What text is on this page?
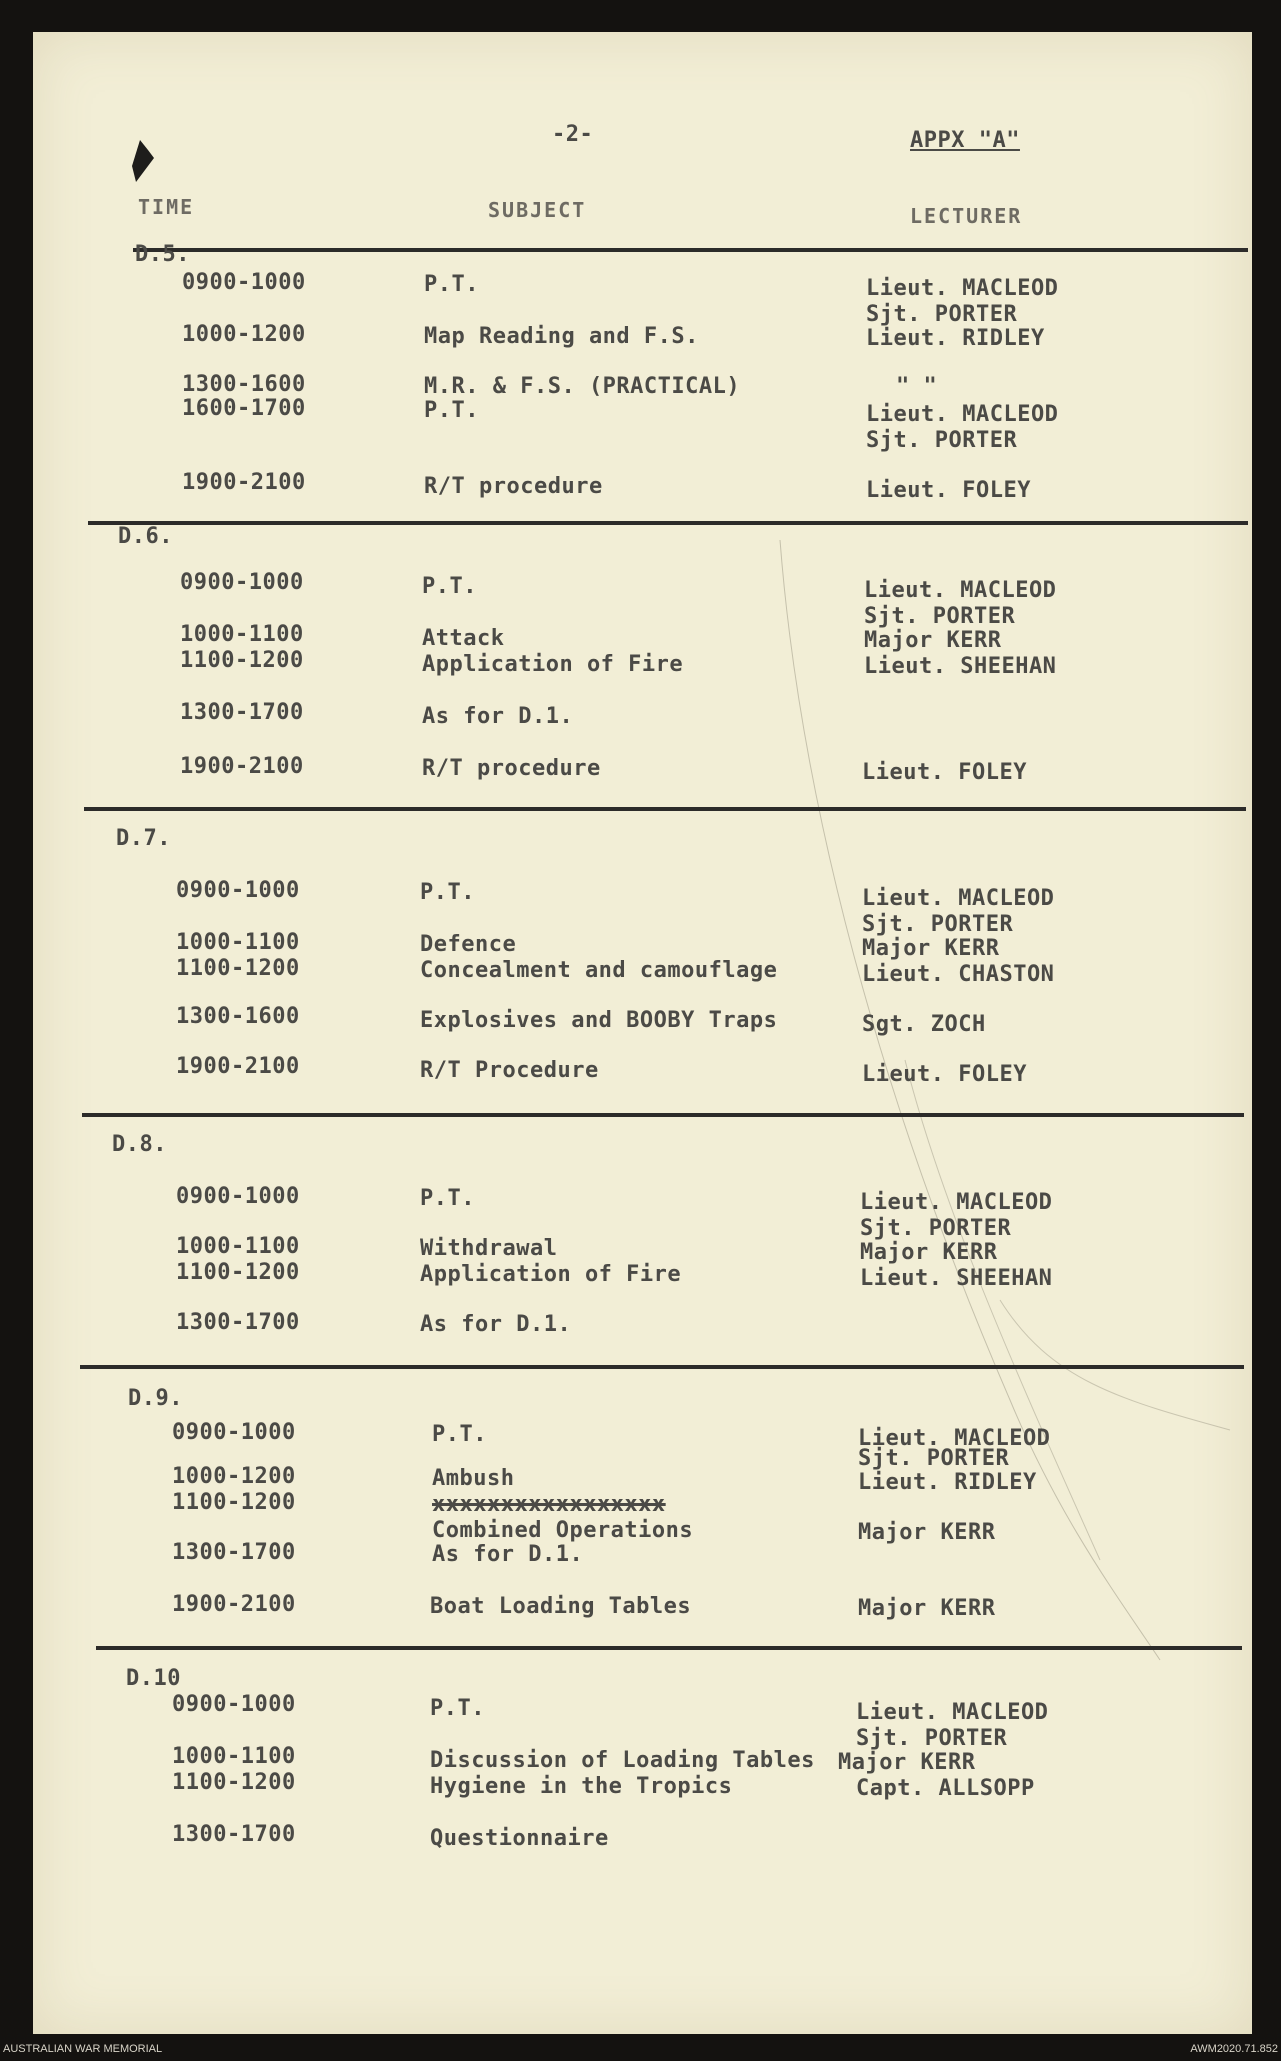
-2-	APPX "A"
TIME	SUBJECT	LECTURER
D.5.
0900-1000	P.T.	Lieut. MACLEOD
Sjt. PORTER
1000-1200	Map Reading and F.S.	Lieut. RIDLEY
1300-1600	M.R. & F.S. (PRACTICAL)	" "
1600-1700	P.T.	Lieut. MACLEOD
Sjt. PORTER
1900-2100	R/T procedure	Lieut. FOLEY
D.6.
0900-1000	P.T.	Lieut. MACLEOD
Sjt. PORTER
1000-1100	Attack	Major KERR
1100-1200	Application of Fire	Lieut. SHEEHAN
1300-1700	As for D.1.
1900-2100	R/T procedure	Lieut. FOLEY
D.7.
0900-1000	P.T.	Lieut. MACLEOD
Sjt. PORTER
1000-1100	Defence	Major KERR
1100-1200	Concealment and camouflage	Lieut. CHASTON
1300-1600	Explosives and BOOBY Traps	Sgt. ZOCH
1900-2100	R/T Procedure	Lieut. FOLEY
D.8.
0900-1000	P.T.	Lieut. MACLEOD
Sjt. PORTER
1000-1100	Withdrawal	Major KERR
1100-1200	Application of Fire	Lieut. SHEEHAN
1300-1700	As for D.1.
D.9.
0900-1000	P.T.	Lieut. MACLEOD
Sjt. PORTER
1000-1200	Ambush	Lieut. RIDLEY
1100-1200	xxxxxxxxxxxxxxxxx
Combined Operations	Major KERR
1300-1700	As for D.1.
1900-2100	Boat Loading Tables	Major KERR
D.10
0900-1000	P.T.	Lieut. MACLEOD
Sjt. PORTER
1000-1100	Discussion of Loading Tables Major KERR
1100-1200	Hygiene in the Tropics	Capt. ALLSOPP
1300-1700	Questionnaire
AUSTRALIAN WAR MEMORIAL	AWM2020.71.852
